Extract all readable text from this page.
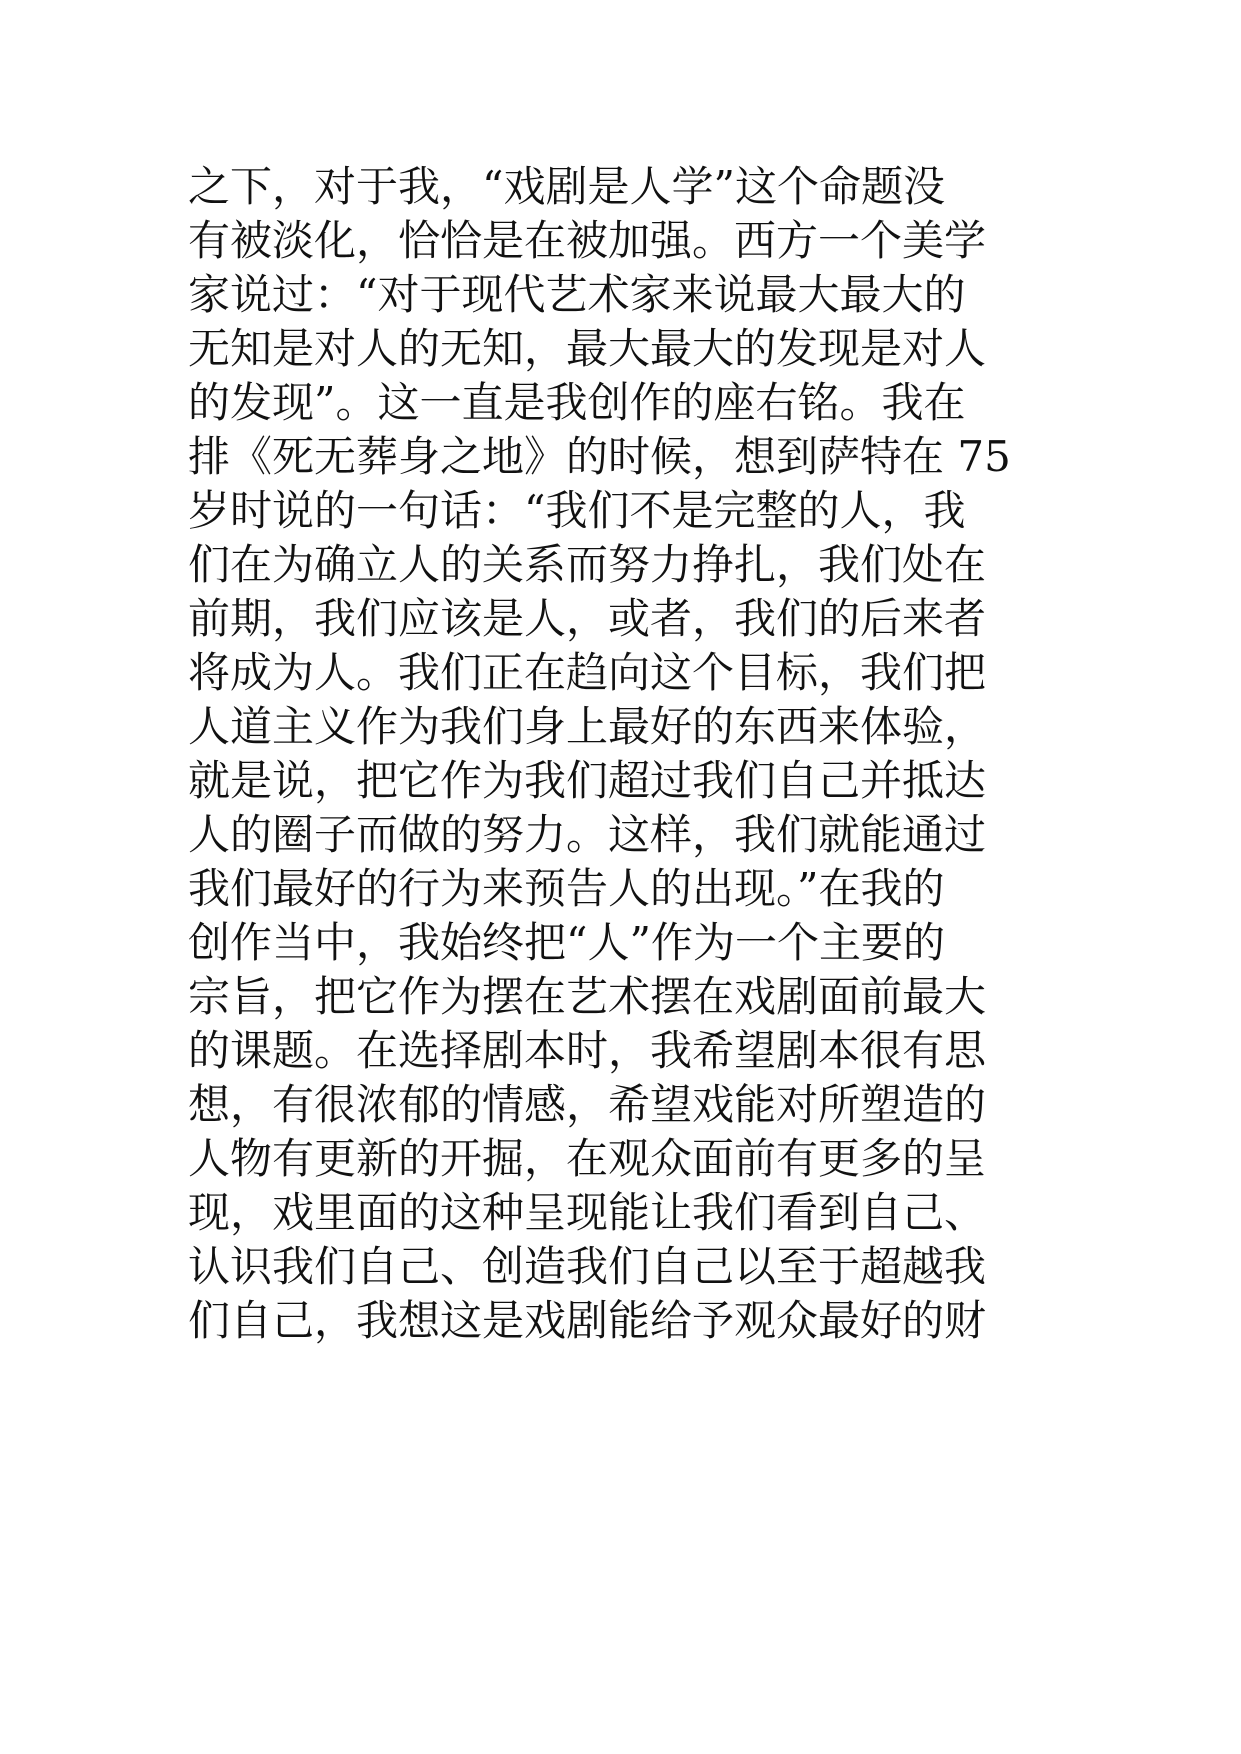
之下，对于我，“戏剧是人学”这个命题没
有被淡化，恰恰是在被加强。西方一个美学
家说过：“对于现代艺术家来说最大最大的
无知是对人的无知，最大最大的发现是对人
的发现”。这一直是我创作的座右铭。我在
排《死无葬身之地》的时候，想到萨特在 75
岁时说的一句话：“我们不是完整的人，我
们在为确立人的关系而努力挣扎，我们处在
前期，我们应该是人，或者，我们的后来者
将成为人。我们正在趋向这个目标，我们把
人道主义作为我们身上最好的东西来体验，
就是说，把它作为我们超过我们自己并抵达
人的圈子而做的努力。这样，我们就能通过
我们最好的行为来预告人的出现。”在我的
创作当中，我始终把“人”作为一个主要的
宗旨，把它作为摆在艺术摆在戏剧面前最大
的课题。在选择剧本时，我希望剧本很有思
想，有很浓郁的情感，希望戏能对所塑造的
人物有更新的开掘，在观众面前有更多的呈
现，戏里面的这种呈现能让我们看到自己、
认识我们自己、创造我们自己以至于超越我
们自己，我想这是戏剧能给予观众最好的财
